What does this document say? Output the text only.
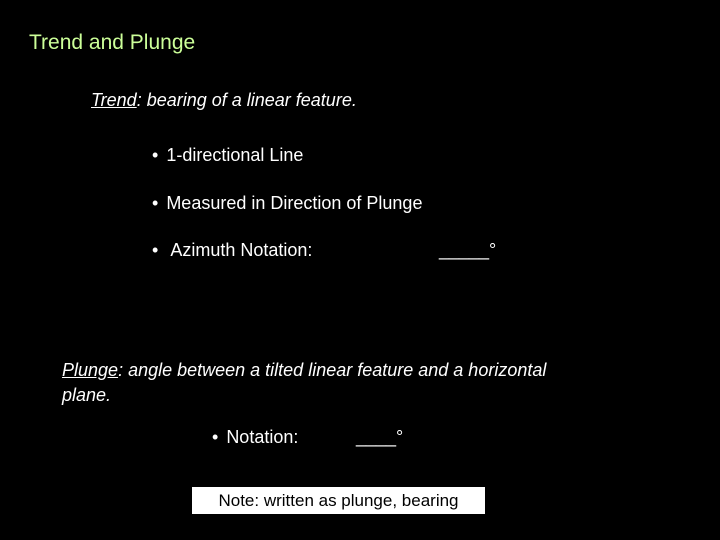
Trend and Plunge
Trend: bearing of a linear feature.
• 1-directional Line
• Measured in Direction of Plunge
• Azimuth Notation:	_____°
Plunge: angle between a tilted linear feature and a horizontal
plane.
• Notation:	____°
Note: written as plunge, bearing
